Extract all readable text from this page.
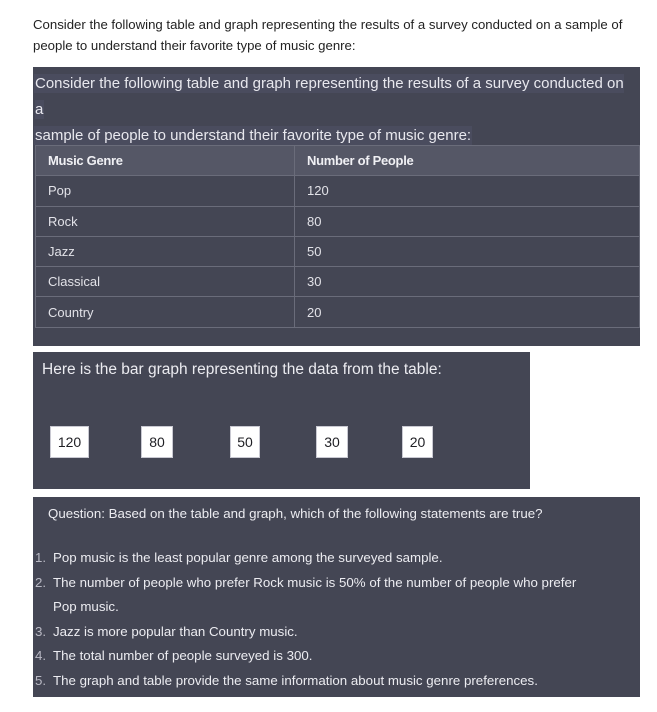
Consider the following table and graph representing the results of a survey conducted on a sample of people to understand their favorite type of music genre:
Consider the following table and graph representing the results of a survey conducted on a
sample of people to understand their favorite type of music genre:
Music Genre	Number of People
Pop	120
Rock	80
Jazz	50
Classical	30
Country	20
Here is the bar graph representing the data from the table:
120	80	50	30	20
Question: Based on the table and graph, which of the following statements are true?
1. Pop music is the least popular genre among the surveyed sample.
2. The number of people who prefer Rock music is 50% of the number of people who prefer
Pop music.
3. Jazz is more popular than Country music.
4. The total number of people surveyed is 300.
5. The graph and table provide the same information about music genre preferences.
